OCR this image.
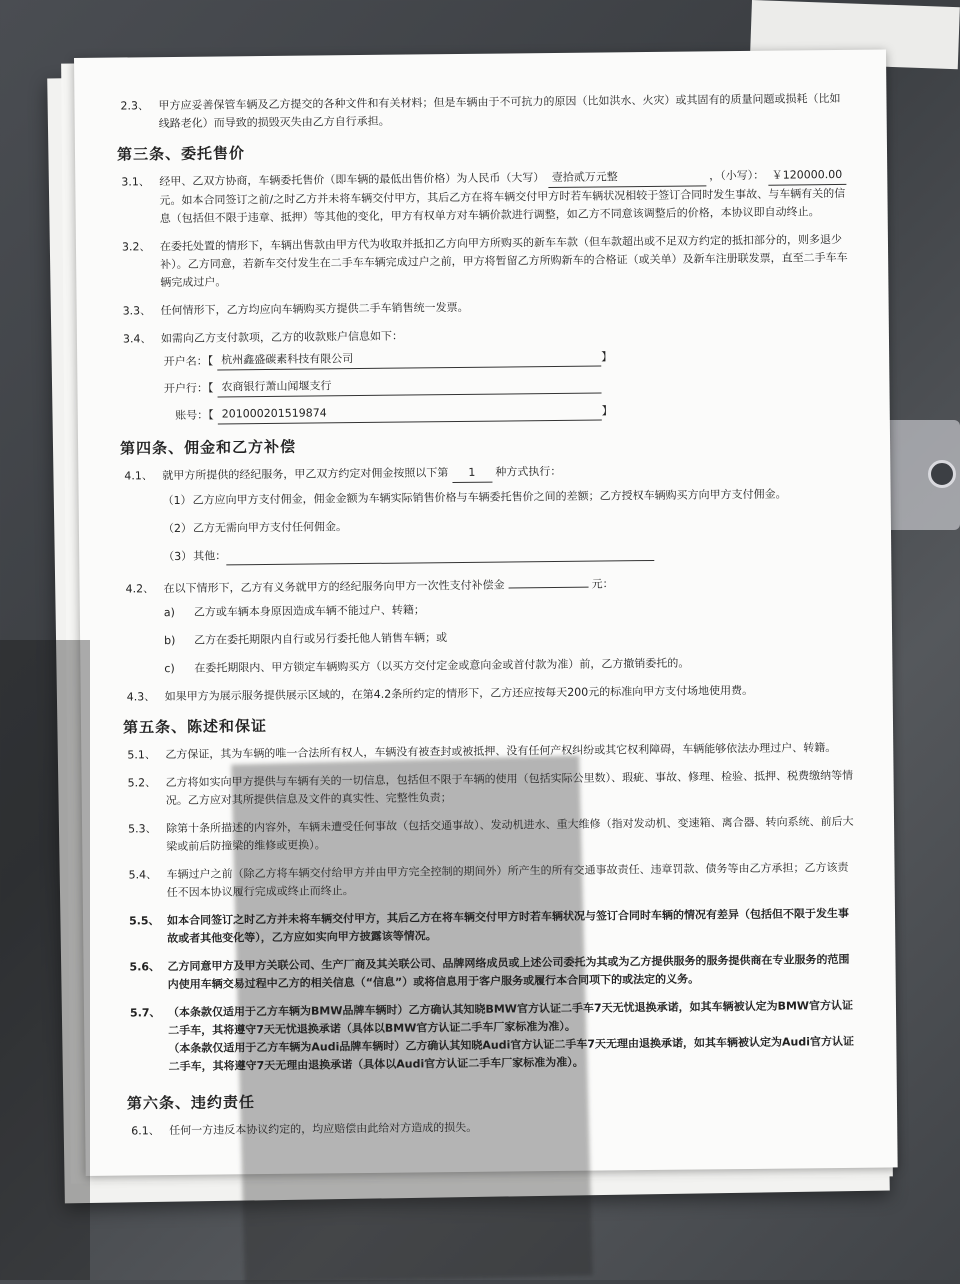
2.3、 甲方应妥善保管车辆及乙方提交的各种文件和有关材料；但是车辆由于不可抗力的原因（比如洪水、火灾）或其固有的质量问题或损耗（比如线路老化）而导致的损毁灭失由乙方自行承担。
第三条、委托售价
3.1、 经甲、乙双方协商，车辆委托售价（即车辆的最低出售价格）为人民币（大写） 壹拾贰万元整	，（小写）： ￥120000.00 元。如本合同签订之前/之时乙方并未将车辆交付甲方，其后乙方在将车辆交付甲方时若车辆状况相较于签订合同时发生事故、与车辆有关的信息（包括但不限于违章、抵押）等其他的变化，甲方有权单方对车辆价款进行调整，如乙方不同意该调整后的价格，本协议即自动终止。
3.2、 在委托处置的情形下，车辆出售款由甲方代为收取并抵扣乙方向甲方所购买的新车车款（但车款超出或不足双方约定的抵扣部分的，则多退少补）。乙方同意，若新车交付发生在二手车车辆完成过户之前，甲方将暂留乙方所购新车的合格证（或关单）及新车注册联发票，直至二手车车辆完成过户。
3.3、 任何情形下，乙方均应向车辆购买方提供二手车销售统一发票。
3.4、 如需向乙方支付款项，乙方的收款账户信息如下：
开户名：【 杭州鑫盛碳素科技有限公司	】
开户行：【 农商银行萧山闻堰支行
账号：【 201000201519874	】
第四条、佣金和乙方补偿
4.1、 就甲方所提供的经纪服务，甲乙双方约定对佣金按照以下第 1 种方式执行：
（1） 乙方应向甲方支付佣金，佣金金额为车辆实际销售价格与车辆委托售价之间的差额；乙方授权车辆购买方向甲方支付佣金。
（2） 乙方无需向甲方支付任何佣金。
（3） 其他：
4.2、 在以下情形下，乙方有义务就甲方的经纪服务向甲方一次性支付补偿金	元：
a)	乙方或车辆本身原因造成车辆不能过户、转籍；
b)	乙方在委托期限内自行或另行委托他人销售车辆；或
c)	在委托期限内、甲方锁定车辆购买方（以买方交付定金或意向金或首付款为准）前，乙方撤销委托的。
4.3、 如果甲方为展示服务提供展示区域的，在第4.2条所约定的情形下，乙方还应按每天200元的标准向甲方支付场地使用费。
第五条、陈述和保证
5.1、 乙方保证，其为车辆的唯一合法所有权人，车辆没有被查封或被抵押、没有任何产权纠纷或其它权利障碍，车辆能够依法办理过户、转籍。
5.2、 乙方将如实向甲方提供与车辆有关的一切信息，包括但不限于车辆的使用（包括实际公里数）、瑕疵、事故、修理、检验、抵押、税费缴纳等情况。乙方应对其所提供信息及文件的真实性、完整性负责；
5.3、 除第十条所描述的内容外，车辆未遭受任何事故（包括交通事故）、发动机进水、重大维修（指对发动机、变速箱、离合器、转向系统、前后大梁或前后防撞梁的维修或更换）。
5.4、 车辆过户之前（除乙方将车辆交付给甲方并由甲方完全控制的期间外）所产生的所有交通事故责任、违章罚款、债务等由乙方承担；乙方该责任不因本协议履行完成或终止而终止。
5.5、 如本合同签订之时乙方并未将车辆交付甲方，其后乙方在将车辆交付甲方时若车辆状况与签订合同时车辆的情况有差异（包括但不限于发生事故或者其他变化等），乙方应如实向甲方披露该等情况。
5.6、 乙方同意甲方及甲方关联公司、生产厂商及其关联公司、品牌网络成员或上述公司委托为其或为乙方提供服务的服务提供商在专业服务的范围内使用车辆交易过程中乙方的相关信息（“信息”）或将信息用于客户服务或履行本合同项下的或法定的义务。
5.7、 （本条款仅适用于乙方车辆为BMW品牌车辆时）乙方确认其知晓BMW官方认证二手车7天无忧退换承诺，如其车辆被认定为BMW官方认证二手车，其将遵守7天无忧退换承诺（具体以BMW官方认证二手车厂家标准为准）。
（本条款仅适用于乙方车辆为Audi品牌车辆时）乙方确认其知晓Audi官方认证二手车7天无理由退换承诺，如其车辆被认定为Audi官方认证二手车，其将遵守7天无理由退换承诺（具体以Audi官方认证二手车厂家标准为准）。
第六条、违约责任
6.1、 任何一方违反本协议约定的，均应赔偿由此给对方造成的损失。
